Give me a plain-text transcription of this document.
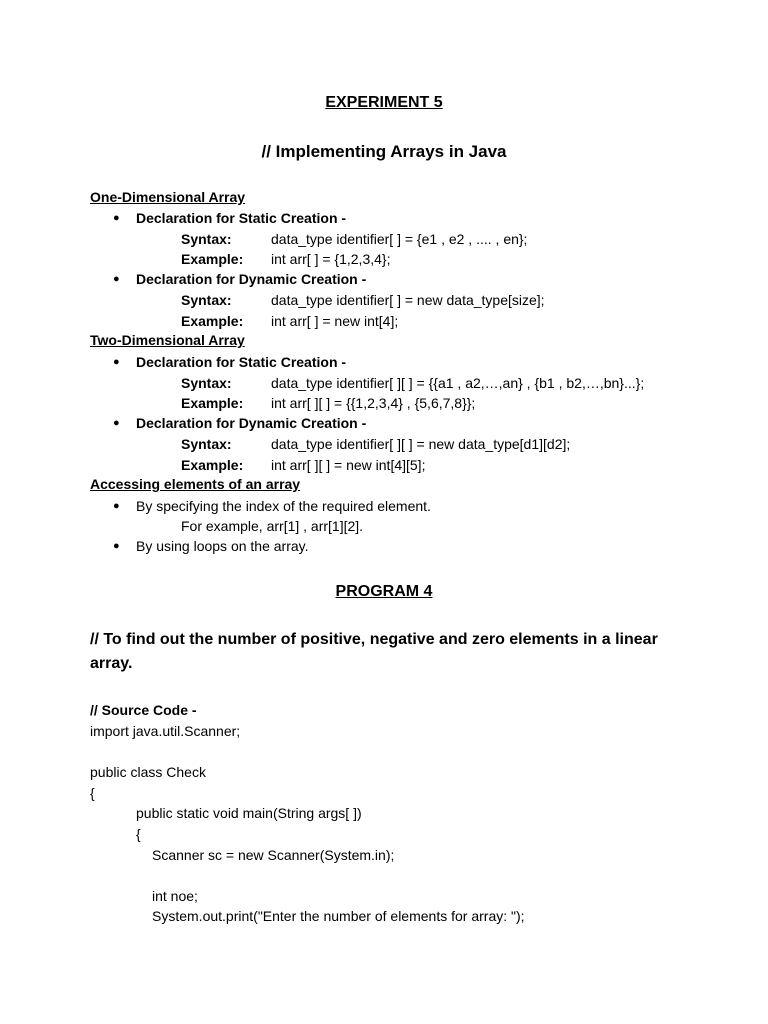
EXPERIMENT 5
// Implementing Arrays in Java
One-Dimensional Array
● Declaration for Static Creation -
Syntax:	data_type identifier[ ] = {e1 , e2 , .... , en};
Example: int arr[ ] = {1,2,3,4};
● Declaration for Dynamic Creation -
Syntax:	data_type identifier[ ] = new data_type[size];
Example: int arr[ ] = new int[4];
Two-Dimensional Array
● Declaration for Static Creation -
Syntax:	data_type identifier[ ][ ] = {{a1 , a2,…,an} , {b1 , b2,…,bn}...};
Example: int arr[ ][ ] = {{1,2,3,4} , {5,6,7,8}};
● Declaration for Dynamic Creation -
Syntax:	data_type identifier[ ][ ] = new data_type[d1][d2];
Example: int arr[ ][ ] = new int[4][5];
Accessing elements of an array
● By specifying the index of the required element.
For example, arr[1] , arr[1][2].
● By using loops on the array.
PROGRAM 4
// To find out the number of positive, negative and zero elements in a linear array.
// Source Code -
import java.util.Scanner;
public class Check
{
public static void main(String args[ ])
{
Scanner sc = new Scanner(System.in);
int noe;
System.out.print("Enter the number of elements for array: ");
